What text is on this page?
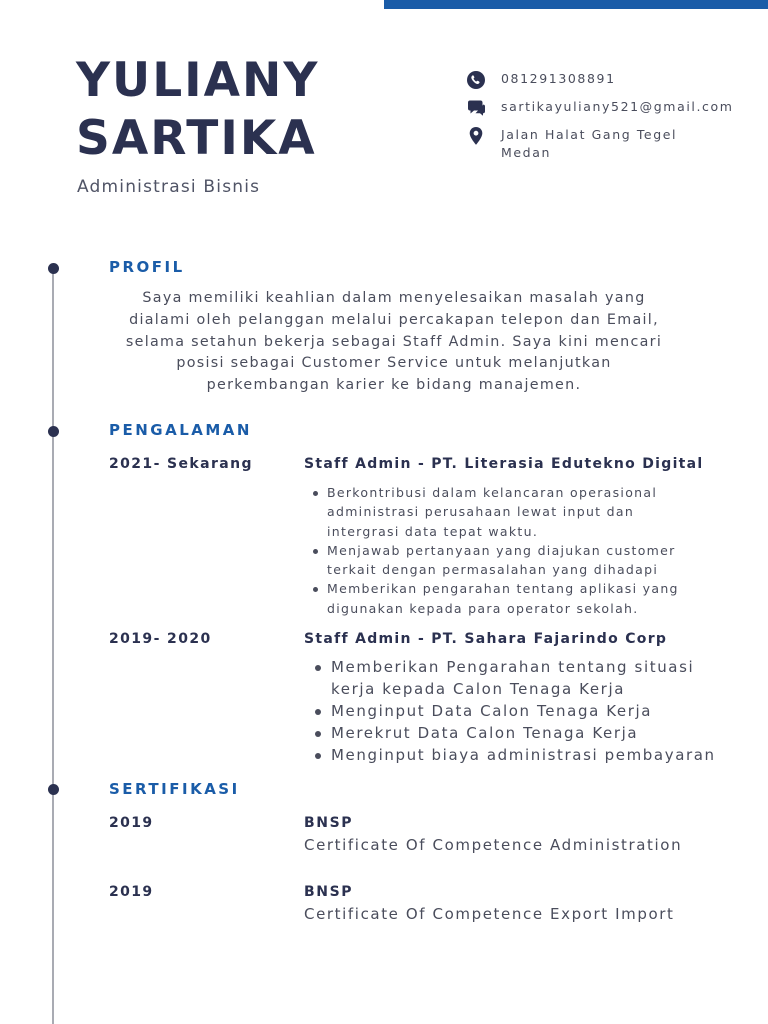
YULIANY
SARTIKA
Administrasi Bisnis
081291308891
sartikayuliany521@gmail.com
Jalan Halat Gang Tegel
Medan
PROFIL
Saya memiliki keahlian dalam menyelesaikan masalah yang
dialami oleh pelanggan melalui percakapan telepon dan Email,
selama setahun bekerja sebagai Staff Admin. Saya kini mencari
posisi sebagai Customer Service untuk melanjutkan
perkembangan karier ke bidang manajemen.
PENGALAMAN
2021- Sekarang	Staff Admin - PT. Literasia Edutekno Digital
Berkontribusi dalam kelancaran operasional
administrasi perusahaan lewat input dan
intergrasi data tepat waktu.
Menjawab pertanyaan yang diajukan customer
terkait dengan permasalahan yang dihadapi
Memberikan pengarahan tentang aplikasi yang
digunakan kepada para operator sekolah.
2019- 2020	Staff Admin - PT. Sahara Fajarindo Corp
Memberikan Pengarahan tentang situasi
kerja kepada Calon Tenaga Kerja
Menginput Data Calon Tenaga Kerja
Merekrut Data Calon Tenaga Kerja
Menginput biaya administrasi pembayaran
SERTIFIKASI
2019	BNSP
Certificate Of Competence Administration
2019	BNSP
Certificate Of Competence Export Import
